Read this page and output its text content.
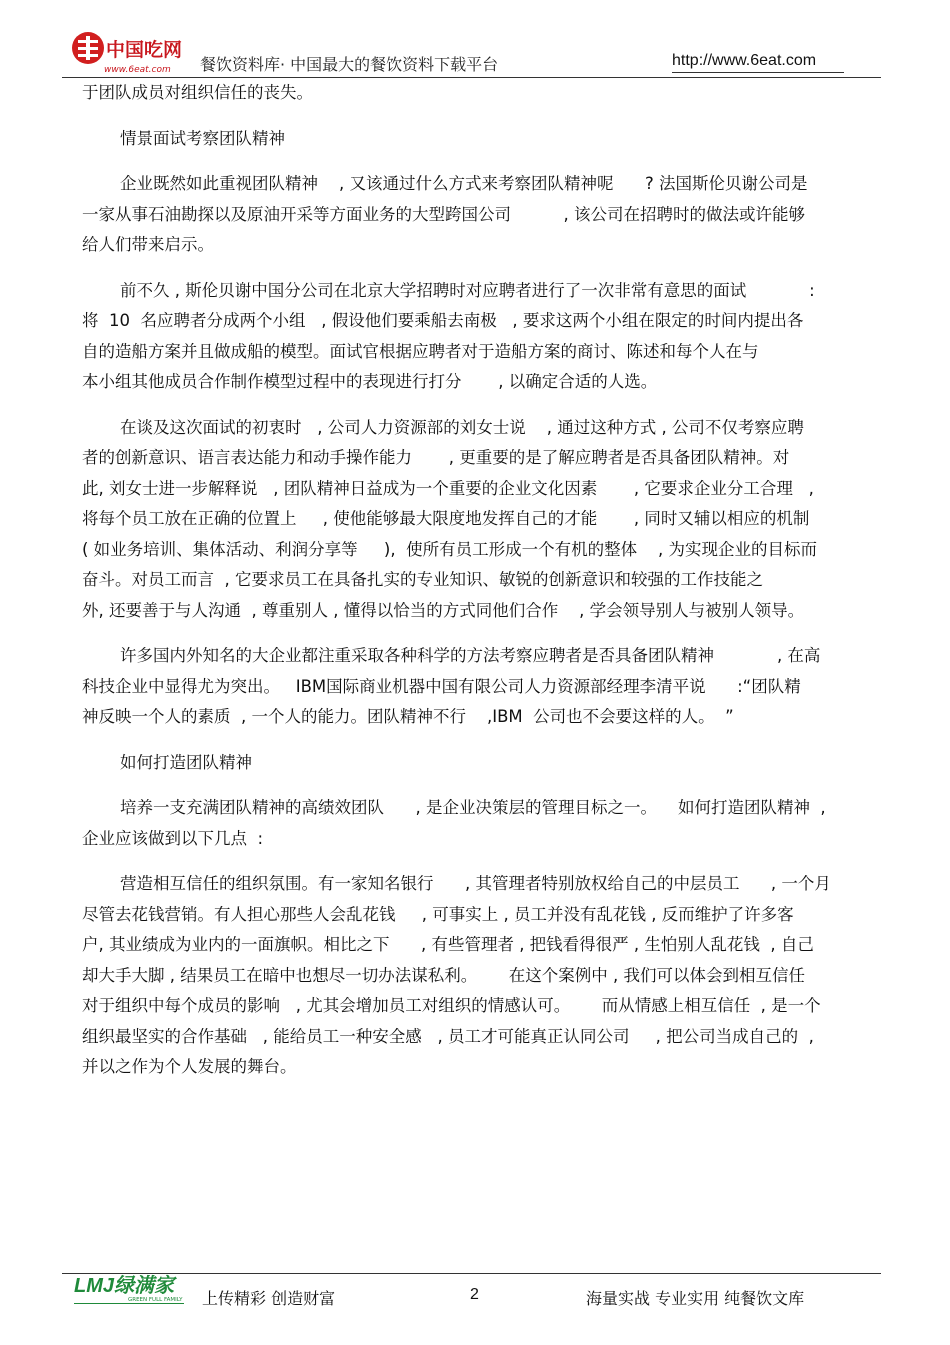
中国吃网
www.6eat.com 餐饮资料库· 中国最大的餐饮资料下载平台	http://www.6eat.com
于团队成员对组织信任的丧失。
情景面试考察团队精神
企业既然如此重视团队精神    , 又该通过什么方式来考察团队精神呢      ? 法国斯伦贝谢公司是
一家从事石油勘探以及原油开采等方面业务的大型跨国公司          , 该公司在招聘时的做法或许能够
给人们带来启示。
前不久 , 斯伦贝谢中国分公司在北京大学招聘时对应聘者进行了一次非常有意思的面试            :
将  10  名应聘者分成两个小组   , 假设他们要乘船去南极   , 要求这两个小组在限定的时间内提出各
自的造船方案并且做成船的模型。面试官根据应聘者对于造船方案的商讨、陈述和每个人在与
本小组其他成员合作制作模型过程中的表现进行打分       , 以确定合适的人选。
在谈及这次面试的初衷时   , 公司人力资源部的刘女士说    , 通过这种方式 , 公司不仅考察应聘
者的创新意识、语言表达能力和动手操作能力       , 更重要的是了解应聘者是否具备团队精神。对
此, 刘女士进一步解释说   , 团队精神日益成为一个重要的企业文化因素       , 它要求企业分工合理   ,
将每个员工放在正确的位置上     , 使他能够最大限度地发挥自己的才能       , 同时又辅以相应的机制
( 如业务培训、集体活动、利润分享等     ),  使所有员工形成一个有机的整体    , 为实现企业的目标而
奋斗。对员工而言  , 它要求员工在具备扎实的专业知识、敏锐的创新意识和较强的工作技能之
外, 还要善于与人沟通  , 尊重别人 , 懂得以恰当的方式同他们合作    , 学会领导别人与被别人领导。
许多国内外知名的大企业都注重采取各种科学的方法考察应聘者是否具备团队精神            , 在高
科技企业中显得尤为突出。   IBM国际商业机器中国有限公司人力资源部经理李清平说      :“团队精
神反映一个人的素质  , 一个人的能力。团队精神不行    ,IBM  公司也不会要这样的人。  ”
如何打造团队精神
培养一支充满团队精神的高绩效团队      , 是企业决策层的管理目标之一。    如何打造团队精神  ,
企业应该做到以下几点  :
营造相互信任的组织氛围。有一家知名银行      , 其管理者特别放权给自己的中层员工      , 一个月
尽管去花钱营销。有人担心那些人会乱花钱     , 可事实上 , 员工并没有乱花钱 , 反而维护了许多客
户, 其业绩成为业内的一面旗帜。相比之下      , 有些管理者 , 把钱看得很严 , 生怕别人乱花钱  , 自己
却大手大脚 , 结果员工在暗中也想尽一切办法谋私利。      在这个案例中 , 我们可以体会到相互信任
对于组织中每个成员的影响   , 尤其会增加员工对组织的情感认可。      而从情感上相互信任  , 是一个
组织最坚实的合作基础   , 能给员工一种安全感   , 员工才可能真正认同公司     , 把公司当成自己的  ,
并以之作为个人发展的舞台。
LMJ绿满家
GREEN FULL FAMILY 上传精彩 创造财富	2	海量实战 专业实用 纯餐饮文库
